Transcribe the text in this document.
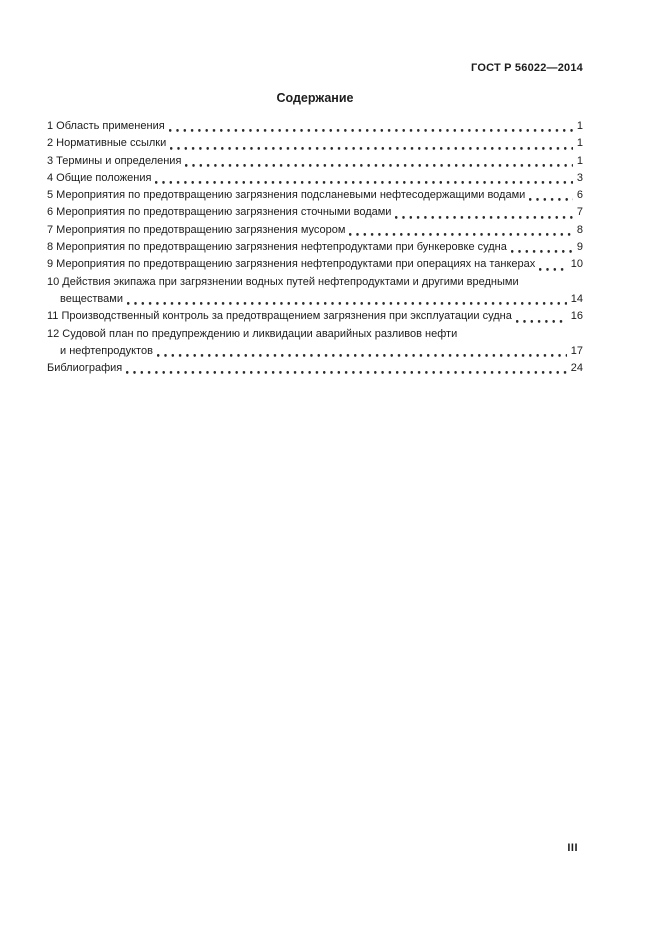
ГОСТ Р 56022—2014
Содержание
1 Область применения	1
2 Нормативные ссылки	1
3 Термины и определения	1
4 Общие положения	3
5 Мероприятия по предотвращению загрязнения подсланевыми нефтесодержащими водами	6
6 Мероприятия по предотвращению загрязнения сточными водами	7
7 Мероприятия по предотвращению загрязнения мусором	8
8 Мероприятия по предотвращению загрязнения нефтепродуктами при бункеровке судна	9
9 Мероприятия по предотвращению загрязнения нефтепродуктами при операциях на танкерах	10
10 Действия экипажа при загрязнении водных путей нефтепродуктами и другими вредными
веществами	14
11 Производственный контроль за предотвращением загрязнения при эксплуатации судна	16
12 Судовой план по предупреждению и ликвидации аварийных разливов нефти
и нефтепродуктов	17
Библиография	24
III
